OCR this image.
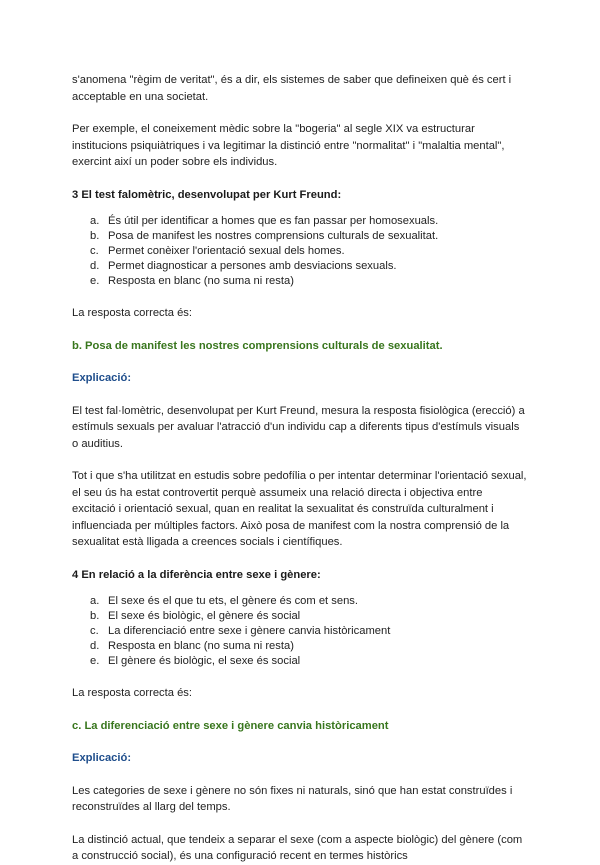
s'anomena "règim de veritat", és a dir, els sistemes de saber que defineixen què és cert i acceptable en una societat.

Per exemple, el coneixement mèdic sobre la "bogeria" al segle XIX va estructurar institucions psiquiàtriques i va legitimar la distinció entre "normalitat" i "malaltia mental", exercint així un poder sobre els individus.

3 El test falomètric, desenvolupat per Kurt Freund:

a. És útil per identificar a homes que es fan passar per homosexuals.
b. Posa de manifest les nostres comprensions culturals de sexualitat.
c. Permet conèixer l'orientació sexual dels homes.
d. Permet diagnosticar a persones amb desviacions sexuals.
e. Resposta en blanc (no suma ni resta)

La resposta correcta és:

b. Posa de manifest les nostres comprensions culturals de sexualitat.

Explicació:

El test fal·lomètric, desenvolupat per Kurt Freund, mesura la resposta fisiològica (erecció) a estímuls sexuals per avaluar l'atracció d'un individu cap a diferents tipus d'estímuls visuals o auditius.

Tot i que s'ha utilitzat en estudis sobre pedofília o per intentar determinar l'orientació sexual, el seu ús ha estat controvertit perquè assumeix una relació directa i objectiva entre excitació i orientació sexual, quan en realitat la sexualitat és construïda culturalment i influenciada per múltiples factors. Això posa de manifest com la nostra comprensió de la sexualitat està lligada a creences socials i científiques.

4 En relació a la diferència entre sexe i gènere:

a. El sexe és el que tu ets, el gènere és com et sens.
b. El sexe és biològic, el gènere és social
c. La diferenciació entre sexe i gènere canvia històricament
d. Resposta en blanc (no suma ni resta)
e. El gènere és biològic, el sexe és social

La resposta correcta és:

c. La diferenciació entre sexe i gènere canvia històricament

Explicació:

Les categories de sexe i gènere no són fixes ni naturals, sinó que han estat construïdes i reconstruïdes al llarg del temps.

La distinció actual, que tendeix a separar el sexe (com a aspecte biològic) del gènere (com a construcció social), és una configuració recent en termes històrics
